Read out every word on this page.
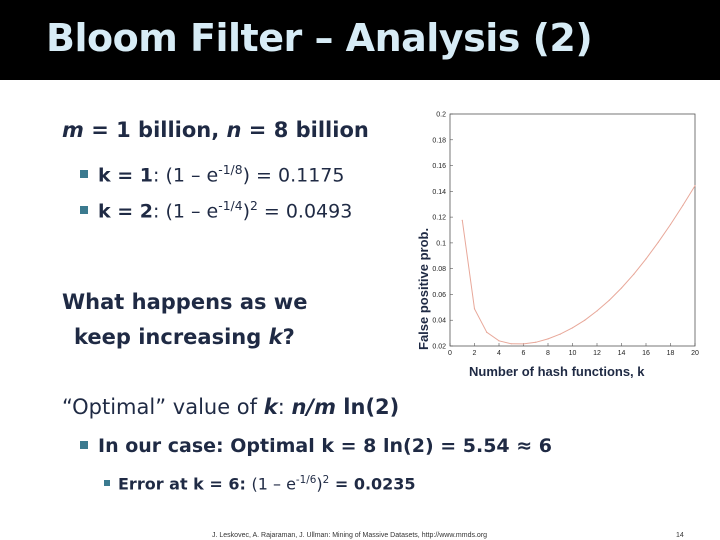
Bloom Filter – Analysis (2)
m = 1 billion, n = 8 billion
k = 1: $(1 - e^{-1/8}) = 0.1175$
k = 2: $(1 - e^{-1/4})^2 = 0.0493$
What happens as we
keep increasing k?
“Optimal” value of k: n/m ln(2)
In our case: Optimal k = 8 ln(2) = 5.54 ≈ 6
Error at k = 6: $(1 - e^{-1/6})^2 = 0.0235$
0.02
0.04
0.06
0.08
0.1
0.12
0.14
0.16
0.18
0.2
0	2	4	6	8	10 12 14 16 18 20
False positive prob.
Number of hash functions, k
J. Leskovec, A. Rajaraman, J. Ullman: Mining of Massive Datasets, http://www.mmds.org	14
